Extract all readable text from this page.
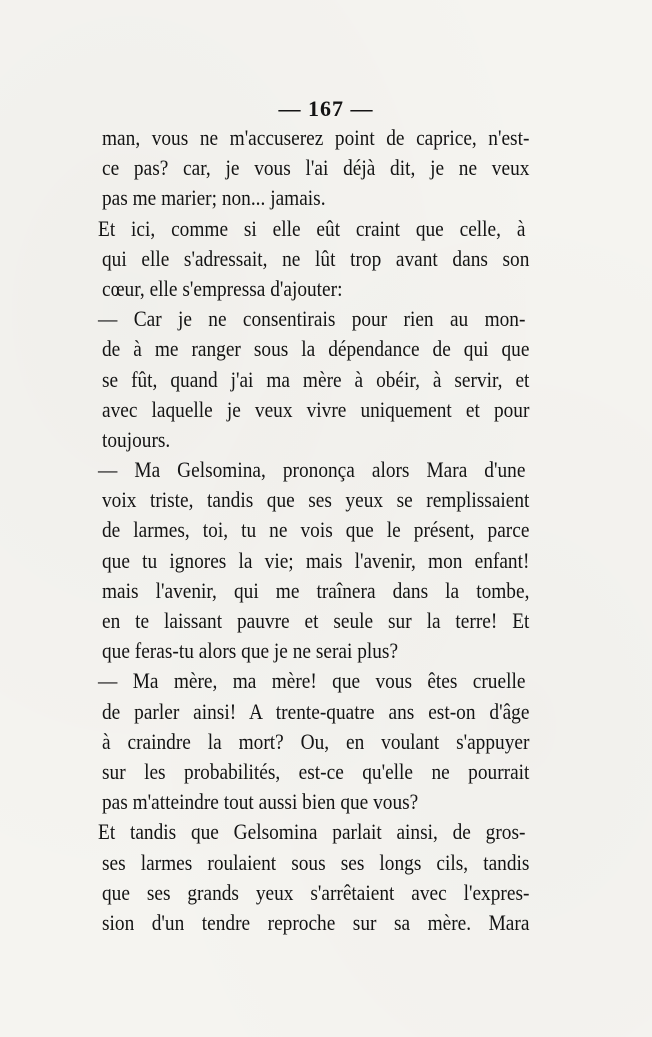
— 167 —
man, vous ne m'accuserez point de caprice, n'est-
ce pas? car, je vous l'ai déjà dit, je ne veux
pas me marier; non... jamais.
Et ici, comme si elle eût craint que celle, à
qui elle s'adressait, ne lût trop avant dans son
cœur, elle s'empressa d'ajouter:
— Car je ne consentirais pour rien au mon-
de à me ranger sous la dépendance de qui que
se fût, quand j'ai ma mère à obéir, à servir, et
avec laquelle je veux vivre uniquement et pour
toujours.
— Ma Gelsomina, prononça alors Mara d'une
voix triste, tandis que ses yeux se remplissaient
de larmes, toi, tu ne vois que le présent, parce
que tu ignores la vie; mais l'avenir, mon enfant!
mais l'avenir, qui me traînera dans la tombe,
en te laissant pauvre et seule sur la terre! Et
que feras-tu alors que je ne serai plus?
— Ma mère, ma mère! que vous êtes cruelle
de parler ainsi! A trente-quatre ans est-on d'âge
à craindre la mort? Ou, en voulant s'appuyer
sur les probabilités, est-ce qu'elle ne pourrait
pas m'atteindre tout aussi bien que vous?
Et tandis que Gelsomina parlait ainsi, de gros-
ses larmes roulaient sous ses longs cils, tandis
que ses grands yeux s'arrêtaient avec l'expres-
sion d'un tendre reproche sur sa mère. Mara
